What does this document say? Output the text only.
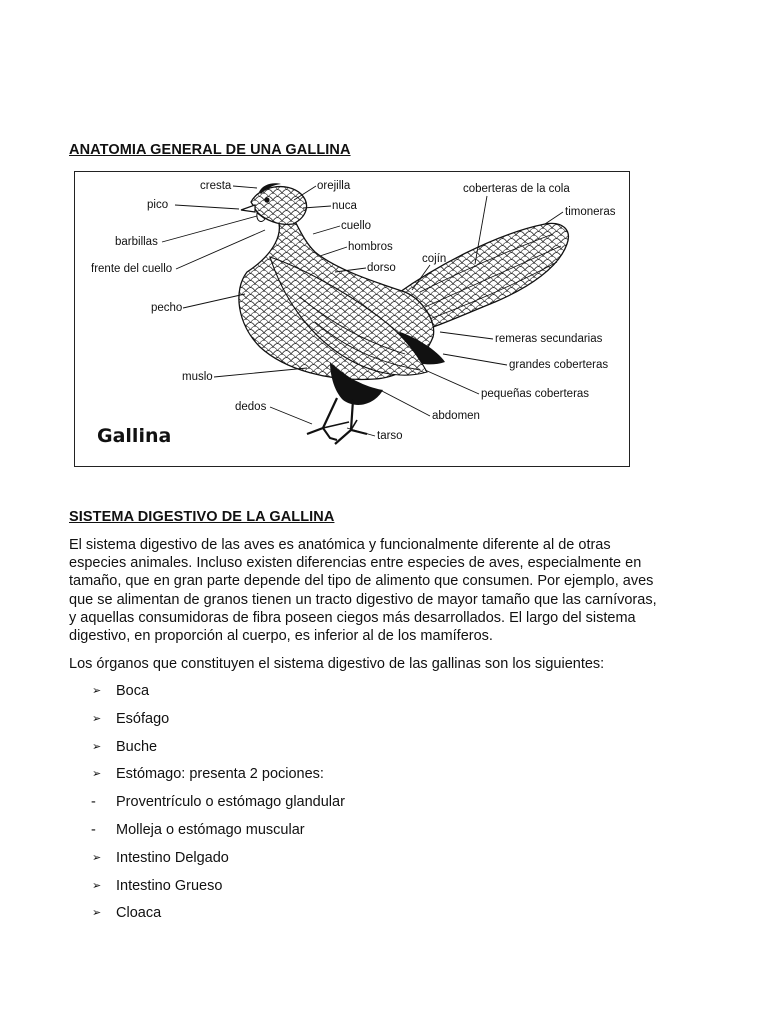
ANATOMIA GENERAL DE UNA GALLINA
cresta	orejilla
nuca
cuello
hombros
dorso
pico
barbillas
frente del cuello
pecho
muslo
dedos
tarso
abdomen
pequeñas coberteras
grandes coberteras
remeras secundarias
cojín
coberteras de la cola
timoneras
Gallina
SISTEMA DIGESTIVO DE LA GALLINA

El sistema digestivo de las aves es anatómica y funcionalmente diferente al de otras
especies animales. Incluso existen diferencias entre especies de aves, especialmente en
tamaño, que en gran parte depende del tipo de alimento que consumen. Por ejemplo, aves
que se alimentan de granos tienen un tracto digestivo de mayor tamaño que las carnívoras,
y aquellas consumidoras de fibra poseen ciegos más desarrollados. El largo del sistema
digestivo, en proporción al cuerpo, es inferior al de los mamíferos.

Los órganos que constituyen el sistema digestivo de las gallinas son los siguientes:

➢	Boca
➢	Esófago
➢	Buche
➢	Estómago: presenta 2 pociones:
-	Proventrículo o estómago glandular
-	Molleja o estómago muscular
➢	Intestino Delgado
➢	Intestino Grueso
➢	Cloaca
